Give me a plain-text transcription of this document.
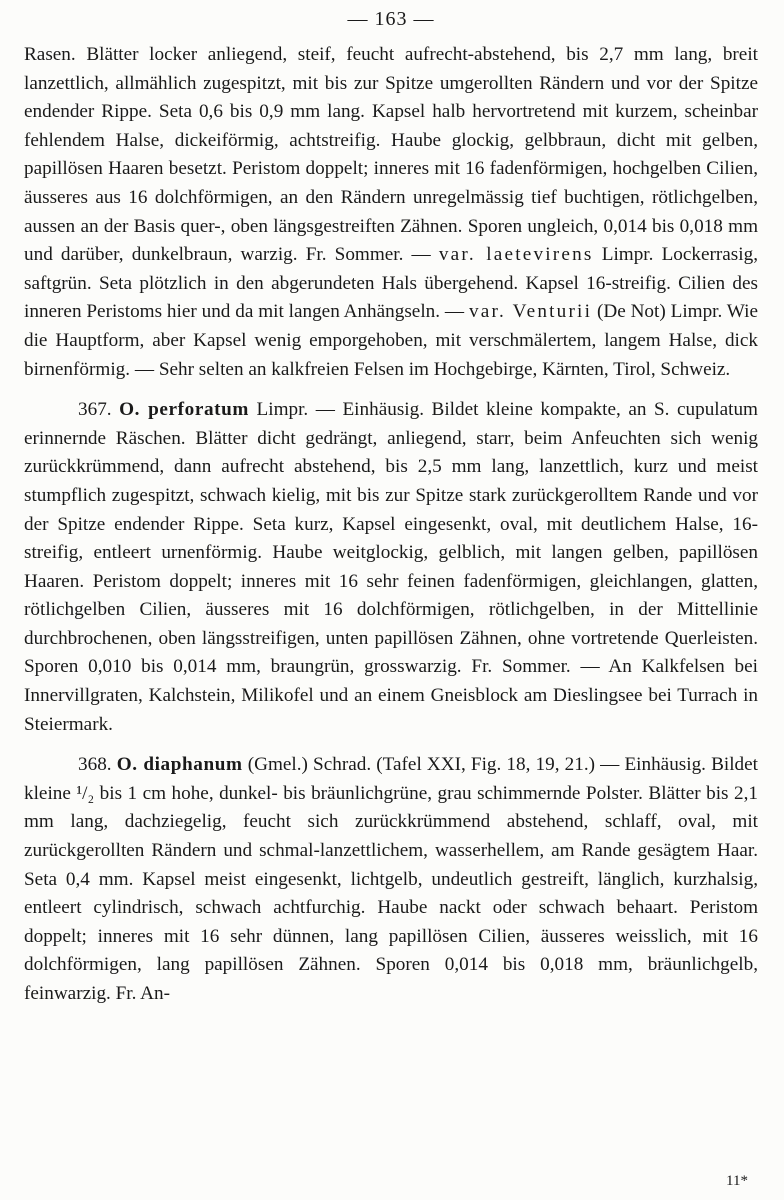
— 163 —

Rasen. Blätter locker anliegend, steif, feucht aufrecht-abstehend, bis 2,7 mm lang, breit lanzettlich, allmählich zugespitzt, mit bis zur Spitze umgerollten Rändern und vor der Spitze endender Rippe. Seta 0,6 bis 0,9 mm lang. Kapsel halb hervortretend mit kurzem, scheinbar fehlendem Halse, dickeiförmig, achtstreifig. Haube glockig, gelbbraun, dicht mit gelben, papillösen Haaren besetzt. Peristom doppelt; inneres mit 16 fadenförmigen, hochgelben Cilien, äusseres aus 16 dolchförmigen, an den Rändern unregelmässig tief buchtigen, rötlichgelben, aussen an der Basis quer-, oben längsgestreiften Zähnen. Sporen ungleich, 0,014 bis 0,018 mm und darüber, dunkelbraun, warzig. Fr. Sommer. — var. laetevirens Limpr. Lockerrasig, saftgrün. Seta plötzlich in den abgerundeten Hals übergehend. Kapsel 16-streifig. Cilien des inneren Peristoms hier und da mit langen Anhängseln. — var. Venturii (De Not) Limpr. Wie die Hauptform, aber Kapsel wenig emporgehoben, mit verschmälertem, langem Halse, dick birnenförmig. — Sehr selten an kalkfreien Felsen im Hochgebirge, Kärnten, Tirol, Schweiz.

367. O. perforatum Limpr. — Einhäusig. Bildet kleine kompakte, an S. cupulatum erinnernde Räschen. Blätter dicht gedrängt, anliegend, starr, beim Anfeuchten sich wenig zurückkrümmend, dann aufrecht abstehend, bis 2,5 mm lang, lanzettlich, kurz und meist stumpflich zugespitzt, schwach kielig, mit bis zur Spitze stark zurückgerolltem Rande und vor der Spitze endender Rippe. Seta kurz, Kapsel eingesenkt, oval, mit deutlichem Halse, 16-streifig, entleert urnenförmig. Haube weitglockig, gelblich, mit langen gelben, papillösen Haaren. Peristom doppelt; inneres mit 16 sehr feinen fadenförmigen, gleichlangen, glatten, rötlichgelben Cilien, äusseres mit 16 dolchförmigen, rötlichgelben, in der Mittellinie durchbrochenen, oben längsstreifigen, unten papillösen Zähnen, ohne vortretende Querleisten. Sporen 0,010 bis 0,014 mm, braungrün, grosswarzig. Fr. Sommer. — An Kalkfelsen bei Innervillgraten, Kalchstein, Milikofel und an einem Gneisblock am Dieslingsee bei Turrach in Steiermark.

368. O. diaphanum (Gmel.) Schrad. (Tafel XXI, Fig. 18, 19, 21.) — Einhäusig. Bildet kleine ¹/₂ bis 1 cm hohe, dunkel- bis bräunlichgrüne, grau schimmernde Polster. Blätter bis 2,1 mm lang, dachziegelig, feucht sich zurückkrümmend abstehend, schlaff, oval, mit zurückgerollten Rändern und schmal-lanzettlichem, wasserhellem, am Rande gesägtem Haar. Seta 0,4 mm. Kapsel meist eingesenkt, lichtgelb, undeutlich gestreift, länglich, kurzhalsig, entleert cylindrisch, schwach achtfurchig. Haube nackt oder schwach behaart. Peristom doppelt; inneres mit 16 sehr dünnen, lang papillösen Cilien, äusseres weisslich, mit 16 dolchförmigen, lang papillösen Zähnen. Sporen 0,014 bis 0,018 mm, bräunlichgelb, feinwarzig. Fr. An-

11*
